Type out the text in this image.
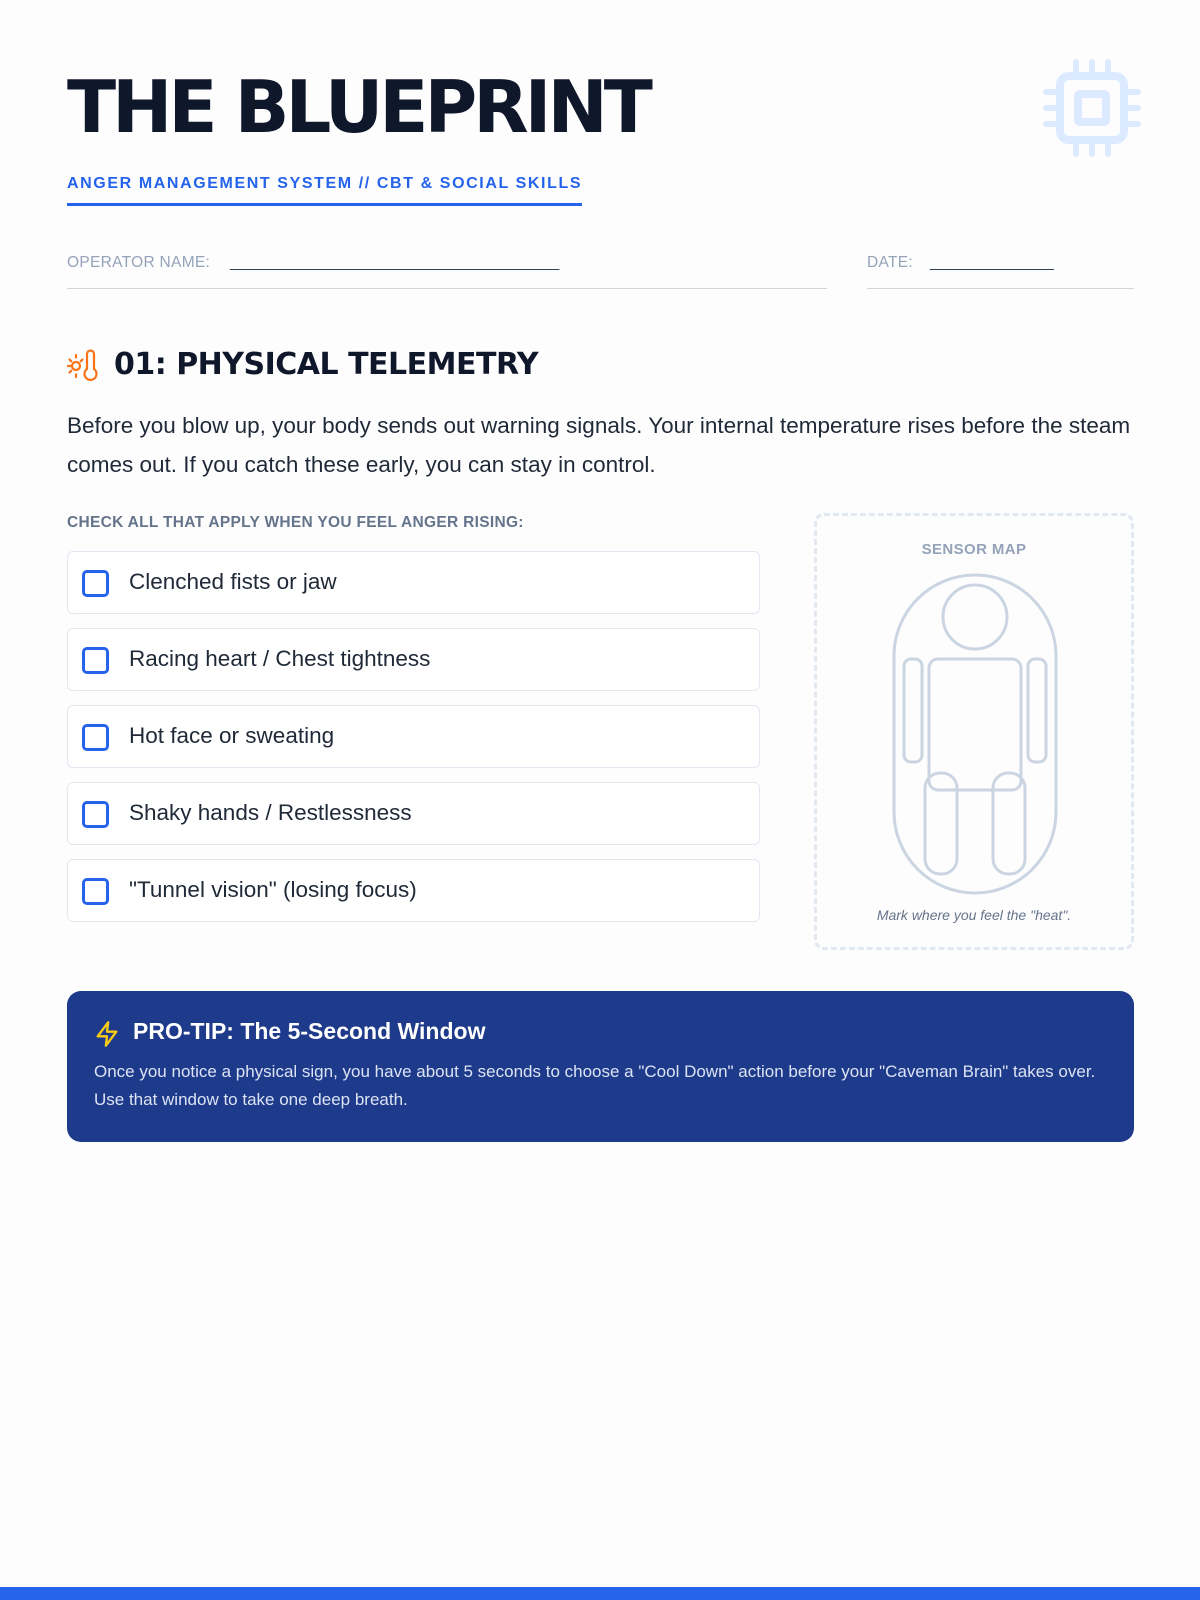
THE BLUEPRINT
ANGER MANAGEMENT SYSTEM // CBT & SOCIAL SKILLS
OPERATOR NAME: ________________________________________	DATE: _______________
01: PHYSICAL TELEMETRY

Before you blow up, your body sends out warning signals. Your internal temperature rises before the steam comes out. If you catch these early, you can stay in control.

CHECK ALL THAT APPLY WHEN YOU FEEL ANGER RISING:
Clenched fists or jaw
Racing heart / Chest tightness
Hot face or sweating
Shaky hands / Restlessness
"Tunnel vision" (losing focus)
SENSOR MAP
Mark where you feel the "heat".
PRO-TIP: The 5-Second Window

Once you notice a physical sign, you have about 5 seconds to choose a "Cool Down" action before your "Caveman Brain" takes over. Use that window to take one deep breath.
